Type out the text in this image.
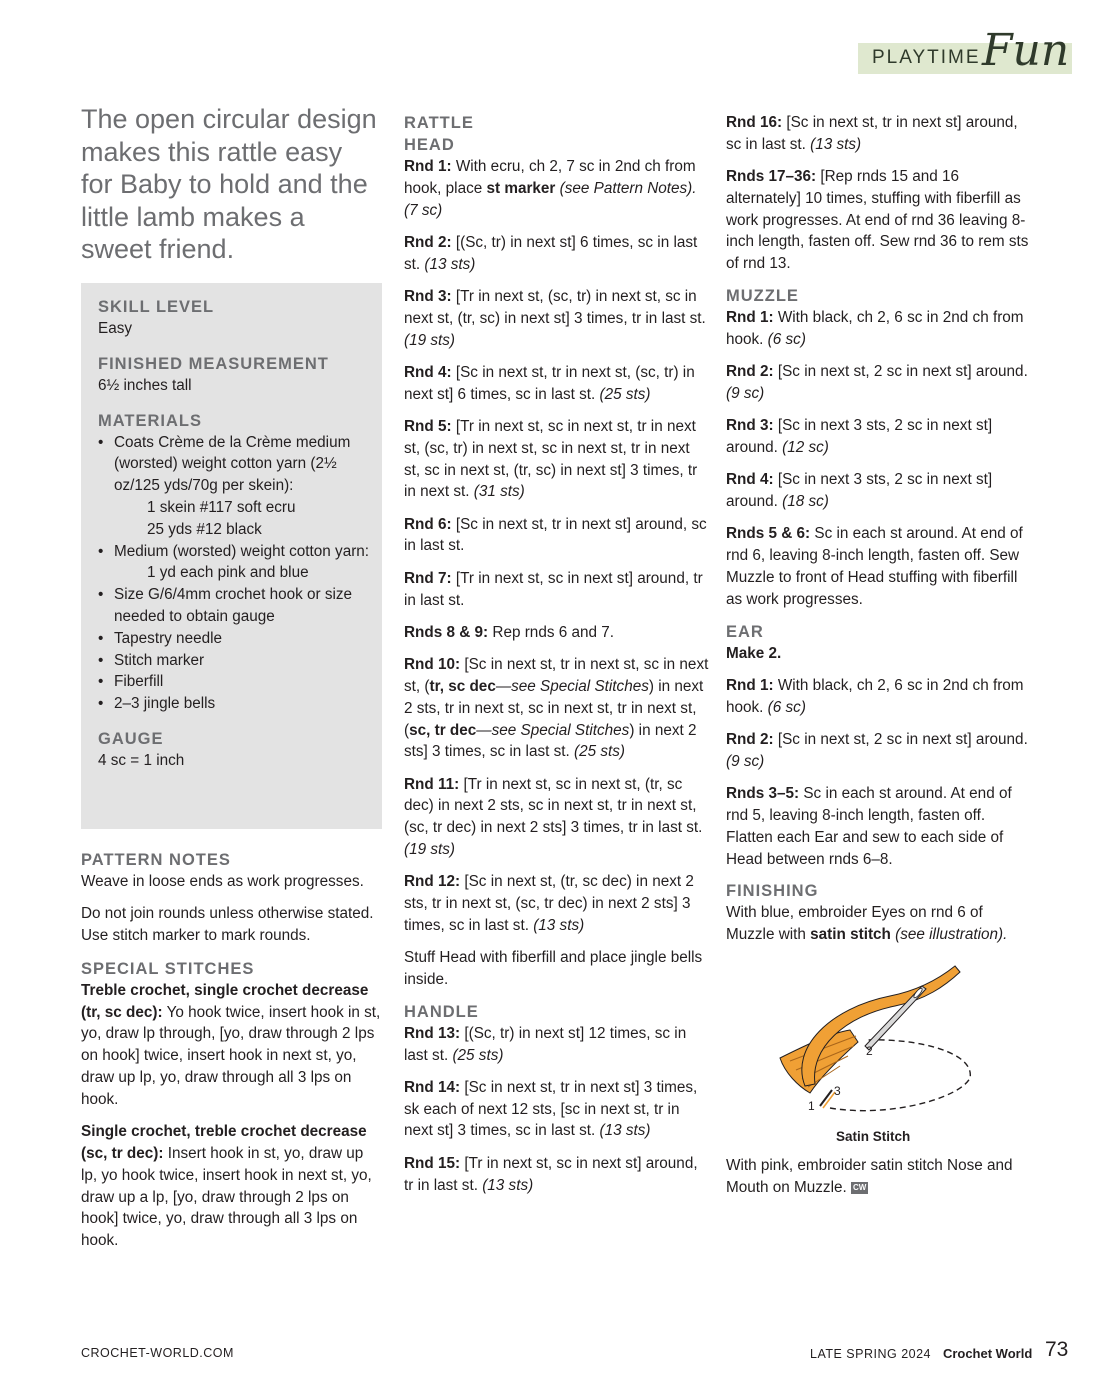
PLAYTIME Fun

The open circular design makes this rattle easy for Baby to hold and the little lamb makes a sweet friend.

SKILL LEVEL
Easy
FINISHED MEASUREMENT
6½ inches tall
MATERIALS
• Coats Crème de la Crème medium (worsted) weight cotton yarn (2½ oz/125 yds/70g per skein):
1 skein #117 soft ecru
25 yds #12 black
• Medium (worsted) weight cotton yarn:
1 yd each pink and blue
• Size G/6/4mm crochet hook or size needed to obtain gauge
• Tapestry needle
• Stitch marker
• Fiberfill
• 2–3 jingle bells
GAUGE
4 sc = 1 inch
PATTERN NOTES

Weave in loose ends as work progresses.

Do not join rounds unless otherwise stated. Use stitch marker to mark rounds.

SPECIAL STITCHES

Treble crochet, single crochet decrease (tr, sc dec): Yo hook twice, insert hook in st, yo, draw lp through, [yo, draw through 2 lps on hook] twice, insert hook in next st, yo, draw up lp, yo, draw through all 3 lps on hook.

Single crochet, treble crochet decrease (sc, tr dec): Insert hook in st, yo, draw up lp, yo hook twice, insert hook in next st, yo, draw up a lp, [yo, draw through 2 lps on hook] twice, yo, draw through all 3 lps on hook.

RATTLE
HEAD

Rnd 1: With ecru, ch 2, 7 sc in 2nd ch from hook, place st marker (see Pattern Notes). (7 sc)

Rnd 2: [(Sc, tr) in next st] 6 times, sc in last st. (13 sts)

Rnd 3: [Tr in next st, (sc, tr) in next st, sc in next st, (tr, sc) in next st] 3 times, tr in last st. (19 sts)

Rnd 4: [Sc in next st, tr in next st, (sc, tr) in next st] 6 times, sc in last st. (25 sts)

Rnd 5: [Tr in next st, sc in next st, tr in next st, (sc, tr) in next st, sc in next st, tr in next st, sc in next st, (tr, sc) in next st] 3 times, tr in next st. (31 sts)

Rnd 6: [Sc in next st, tr in next st] around, sc in last st.

Rnd 7: [Tr in next st, sc in next st] around, tr in last st.

Rnds 8 & 9: Rep rnds 6 and 7.

Rnd 10: [Sc in next st, tr in next st, sc in next st, (tr, sc dec—see Special Stitches) in next 2 sts, tr in next st, sc in next st, tr in next st, (sc, tr dec—see Special Stitches) in next 2 sts] 3 times, sc in last st. (25 sts)

Rnd 11: [Tr in next st, sc in next st, (tr, sc dec) in next 2 sts, sc in next st, tr in next st, (sc, tr dec) in next 2 sts] 3 times, tr in last st. (19 sts)

Rnd 12: [Sc in next st, (tr, sc dec) in next 2 sts, tr in next st, (sc, tr dec) in next 2 sts] 3 times, sc in last st. (13 sts)

Stuff Head with fiberfill and place jingle bells inside.

HANDLE

Rnd 13: [(Sc, tr) in next st] 12 times, sc in last st. (25 sts)

Rnd 14: [Sc in next st, tr in next st] 3 times, sk each of next 12 sts, [sc in next st, tr in next st] 3 times, sc in last st. (13 sts)

Rnd 15: [Tr in next st, sc in next st] around, tr in last st. (13 sts)

Rnd 16: [Sc in next st, tr in next st] around, sc in last st. (13 sts)

Rnds 17–36: [Rep rnds 15 and 16 alternately] 10 times, stuffing with fiberfill as work progresses. At end of rnd 36 leaving 8-inch length, fasten off. Sew rnd 36 to rem sts of rnd 13.

MUZZLE

Rnd 1: With black, ch 2, 6 sc in 2nd ch from hook. (6 sc)

Rnd 2: [Sc in next st, 2 sc in next st] around. (9 sc)

Rnd 3: [Sc in next 3 sts, 2 sc in next st] around. (12 sc)

Rnd 4: [Sc in next 3 sts, 2 sc in next st] around. (18 sc)

Rnds 5 & 6: Sc in each st around. At end of rnd 6, leaving 8-inch length, fasten off. Sew Muzzle to front of Head stuffing with fiberfill as work progresses.

EAR

Make 2.

Rnd 1: With black, ch 2, 6 sc in 2nd ch from hook. (6 sc)

Rnd 2: [Sc in next st, 2 sc in next st] around. (9 sc)

Rnds 3–5: Sc in each st around. At end of rnd 5, leaving 8-inch length, fasten off. Flatten each Ear and sew to each side of Head between rnds 6–8.

FINISHING

With blue, embroider Eyes on rnd 6 of Muzzle with satin stitch (see illustration).

2
3
1
Satin Stitch
With pink, embroider satin stitch Nose and Mouth on Muzzle. CW
CROCHET-WORLD.COM	LATE SPRING 2024 Crochet World 73
